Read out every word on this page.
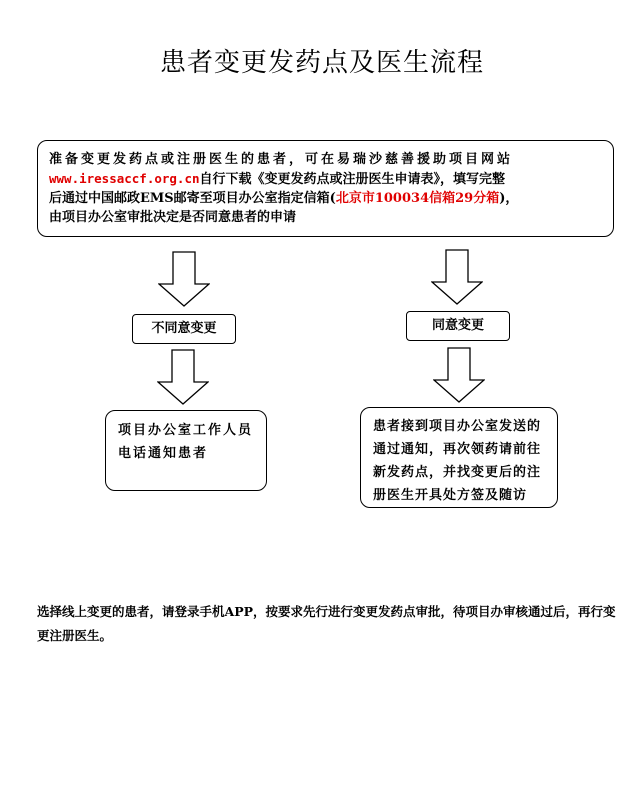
患者变更发药点及医生流程

准备变更发药点或注册医生的患者，可在易瑞沙慈善援助项目网站

www.iressaccf.org.cn自行下载《变更发药点或注册医生申请表》，填写完整

后通过中国邮政EMS邮寄至项目办公室指定信箱(北京市100034信箱29分箱)，

由项目办公室审批决定是否同意患者的申请

不同意变更	同意变更

项目办公室工作人员
电话通知患者

患者接到项目办公室发送的
通过通知，再次领药请前往
新发药点，并找变更后的注
册医生开具处方签及随访

选择线上变更的患者，请登录手机APP，按要求先行进行变更发药点审批，待项目办审核通过后，再行变更注册医生。
